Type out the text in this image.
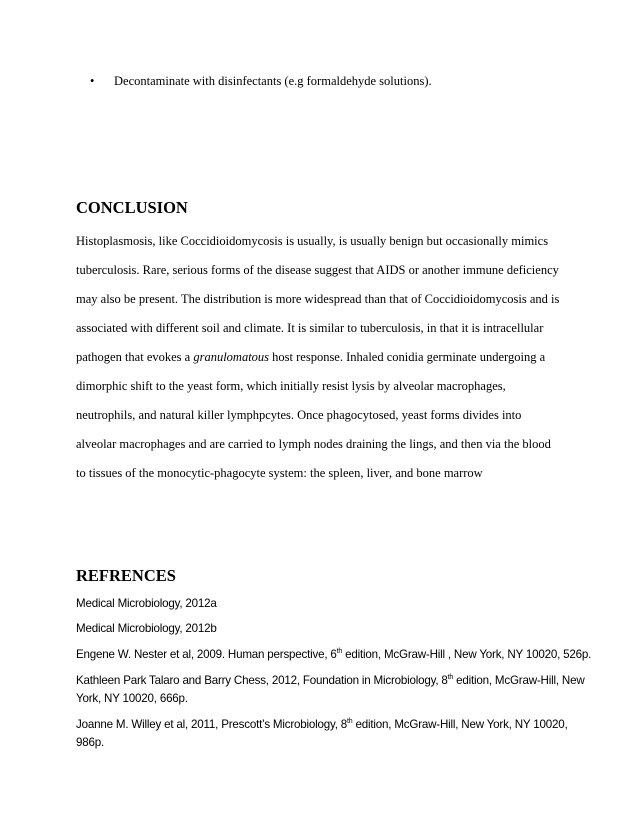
• Decontaminate with disinfectants (e.g formaldehyde solutions).
CONCLUSION
Histoplasmosis, like Coccidioidomycosis is usually, is usually benign but occasionally mimics
tuberculosis. Rare, serious forms of the disease suggest that AIDS or another immune deficiency
may also be present. The distribution is more widespread than that of Coccidioidomycosis and is
associated with different soil and climate. It is similar to tuberculosis, in that it is intracellular
pathogen that evokes a granulomatous host response. Inhaled conidia germinate undergoing a
dimorphic shift to the yeast form, which initially resist lysis by alveolar macrophages,
neutrophils, and natural killer lymphpcytes. Once phagocytosed, yeast forms divides into
alveolar macrophages and are carried to lymph nodes draining the lings, and then via the blood
to tissues of the monocytic-phagocyte system: the spleen, liver, and bone marrow
REFRENCES
Medical Microbiology, 2012a
Medical Microbiology, 2012b
Engene W. Nester et al, 2009. Human perspective, 6th edition, McGraw-Hill , New York, NY 10020, 526p.
Kathleen Park Talaro and Barry Chess, 2012, Foundation in Microbiology, 8th edition, McGraw-Hill, New
York, NY 10020, 666p.
Joanne M. Willey et al, 2011, Prescott’s Microbiology, 8th edition, McGraw-Hill, New York, NY 10020,
986p.
